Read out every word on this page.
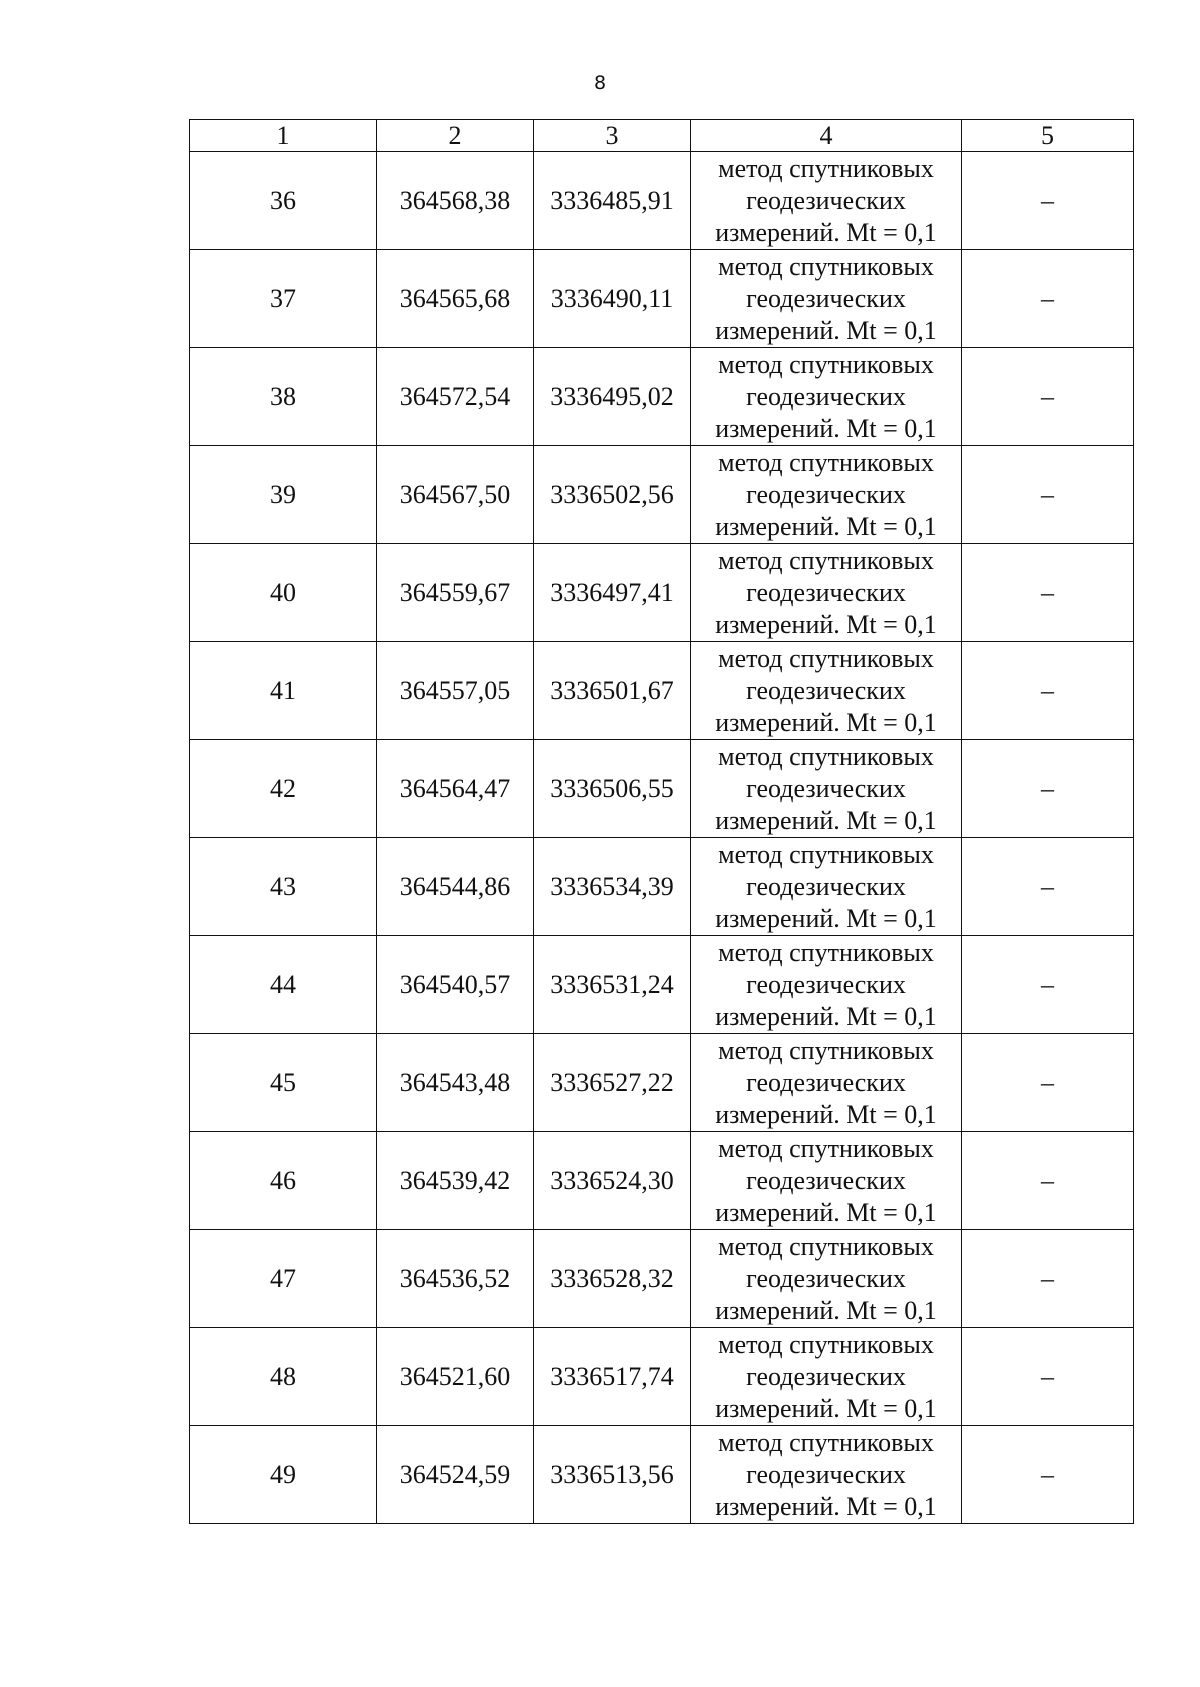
8
1	2	3	4	5
36	364568,38	3336485,91	метод спутниковых
геодезических
измерений. Mt = 0,1	–
37	364565,68	3336490,11	метод спутниковых
геодезических
измерений. Mt = 0,1	–
38	364572,54	3336495,02	метод спутниковых
геодезических
измерений. Mt = 0,1	–
39	364567,50	3336502,56	метод спутниковых
геодезических
измерений. Mt = 0,1	–
40	364559,67	3336497,41	метод спутниковых
геодезических
измерений. Mt = 0,1	–
41	364557,05	3336501,67	метод спутниковых
геодезических
измерений. Mt = 0,1	–
42	364564,47	3336506,55	метод спутниковых
геодезических
измерений. Mt = 0,1	–
43	364544,86	3336534,39	метод спутниковых
геодезических
измерений. Mt = 0,1	–
44	364540,57	3336531,24	метод спутниковых
геодезических
измерений. Mt = 0,1	–
45	364543,48	3336527,22	метод спутниковых
геодезических
измерений. Mt = 0,1	–
46	364539,42	3336524,30	метод спутниковых
геодезических
измерений. Mt = 0,1	–
47	364536,52	3336528,32	метод спутниковых
геодезических
измерений. Mt = 0,1	–
48	364521,60	3336517,74	метод спутниковых
геодезических
измерений. Mt = 0,1	–
49	364524,59	3336513,56	метод спутниковых
геодезических
измерений. Mt = 0,1	–
